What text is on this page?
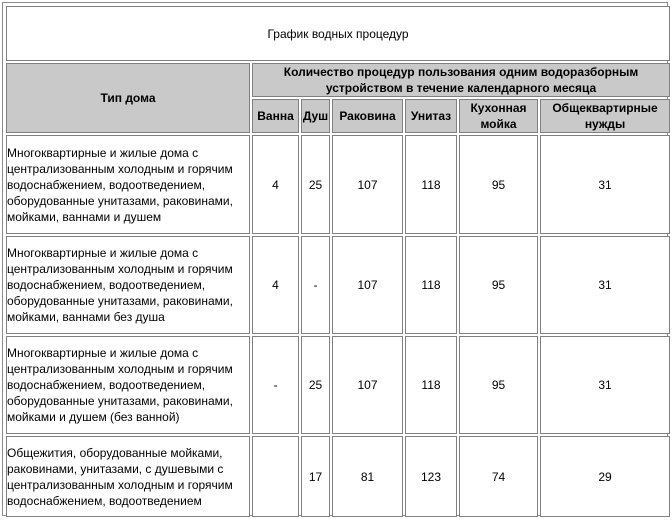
График водных процедур						
Тип дома	Количество процедур пользования одним водоразборным устройством в течение календарного месяца					
	Ванна	Душ	Раковина	Унитаз	Кухонная мойка	Общеквартирные нужды
Многоквартирные и жилые дома с централизованным холодным и горячим водоснабжением, водоотведением, оборудованные унитазами, раковинами, мойками, ваннами и душем	4	25	107	118	95	31
Многоквартирные и жилые дома с централизованным холодным и горячим водоснабжением, водоотведением, оборудованные унитазами, раковинами, мойками, ваннами без душа	4	-	107	118	95	31
Многоквартирные и жилые дома с централизованным холодным и горячим водоснабжением, водоотведением, оборудованные унитазами, раковинами, мойками и душем (без ванной)	-	25	107	118	95	31
Общежития, оборудованные мойками, раковинами, унитазами, с душевыми с централизованным холодным и горячим водоснабжением, водоотведением		17	81	123	74	29
